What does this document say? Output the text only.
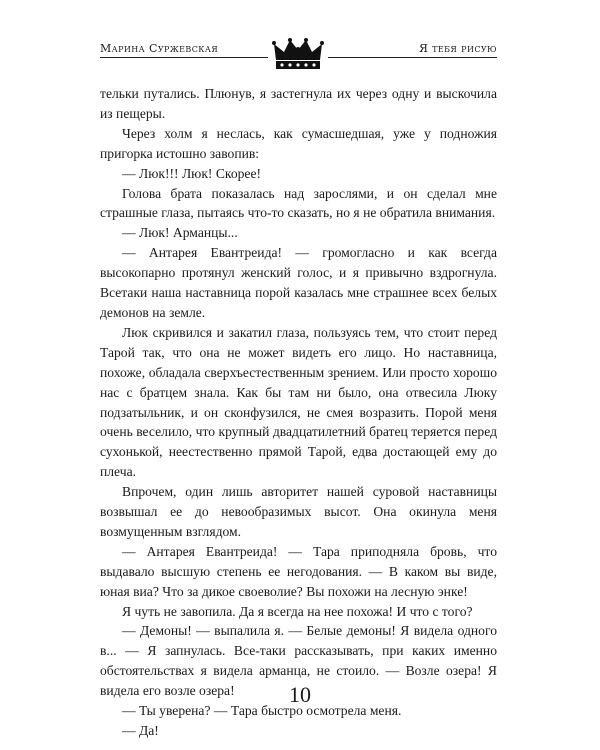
Марина Суржевская	Я тебя рисую

тельки путались. Плюнув, я застегнула их через одну и выскочила из пещеры.

Через холм я неслась, как сумасшедшая, уже у подножия пригорка истошно завопив:

— Люк!!! Люк! Скорее!

Голова брата показалась над зарослями, и он сделал мне страшные глаза, пытаясь что-то сказать, но я не обратила внимания.

— Люк! Арманцы...

— Антарея Евантреида! — громогласно и как всегда высокопарно протянул женский голос, и я привычно вздрогнула. Всетаки наша наставница порой казалась мне страшнее всех белых демонов на земле.

Люк скривился и закатил глаза, пользуясь тем, что стоит перед Тарой так, что она не может видеть его лицо. Но наставница, похоже, обладала сверхъестественным зрением. Или просто хорошо нас с братцем знала. Как бы там ни было, она отвесила Люку подзатыльник, и он сконфузился, не смея возразить. Порой меня очень веселило, что крупный двадцатилетний братец теряется перед сухонькой, неестественно прямой Тарой, едва достающей ему до плеча.

Впрочем, один лишь авторитет нашей суровой наставницы возвышал ее до невообразимых высот. Она окинула меня возмущенным взглядом.

— Антарея Евантреида! — Тара приподняла бровь, что выдавало высшую степень ее негодования. — В каком вы виде, юная виа? Что за дикое своеволие? Вы похожи на лесную энке!

Я чуть не завопила. Да я всегда на нее похожа! И что с того?

— Демоны! — выпалила я. — Белые демоны! Я видела одного в... — Я запнулась. Все-таки рассказывать, при каких именно обстоятельствах я видела арманца, не стоило. — Возле озера! Я видела его возле озера!

— Ты уверена? — Тара быстро осмотрела меня.

— Да!

10
